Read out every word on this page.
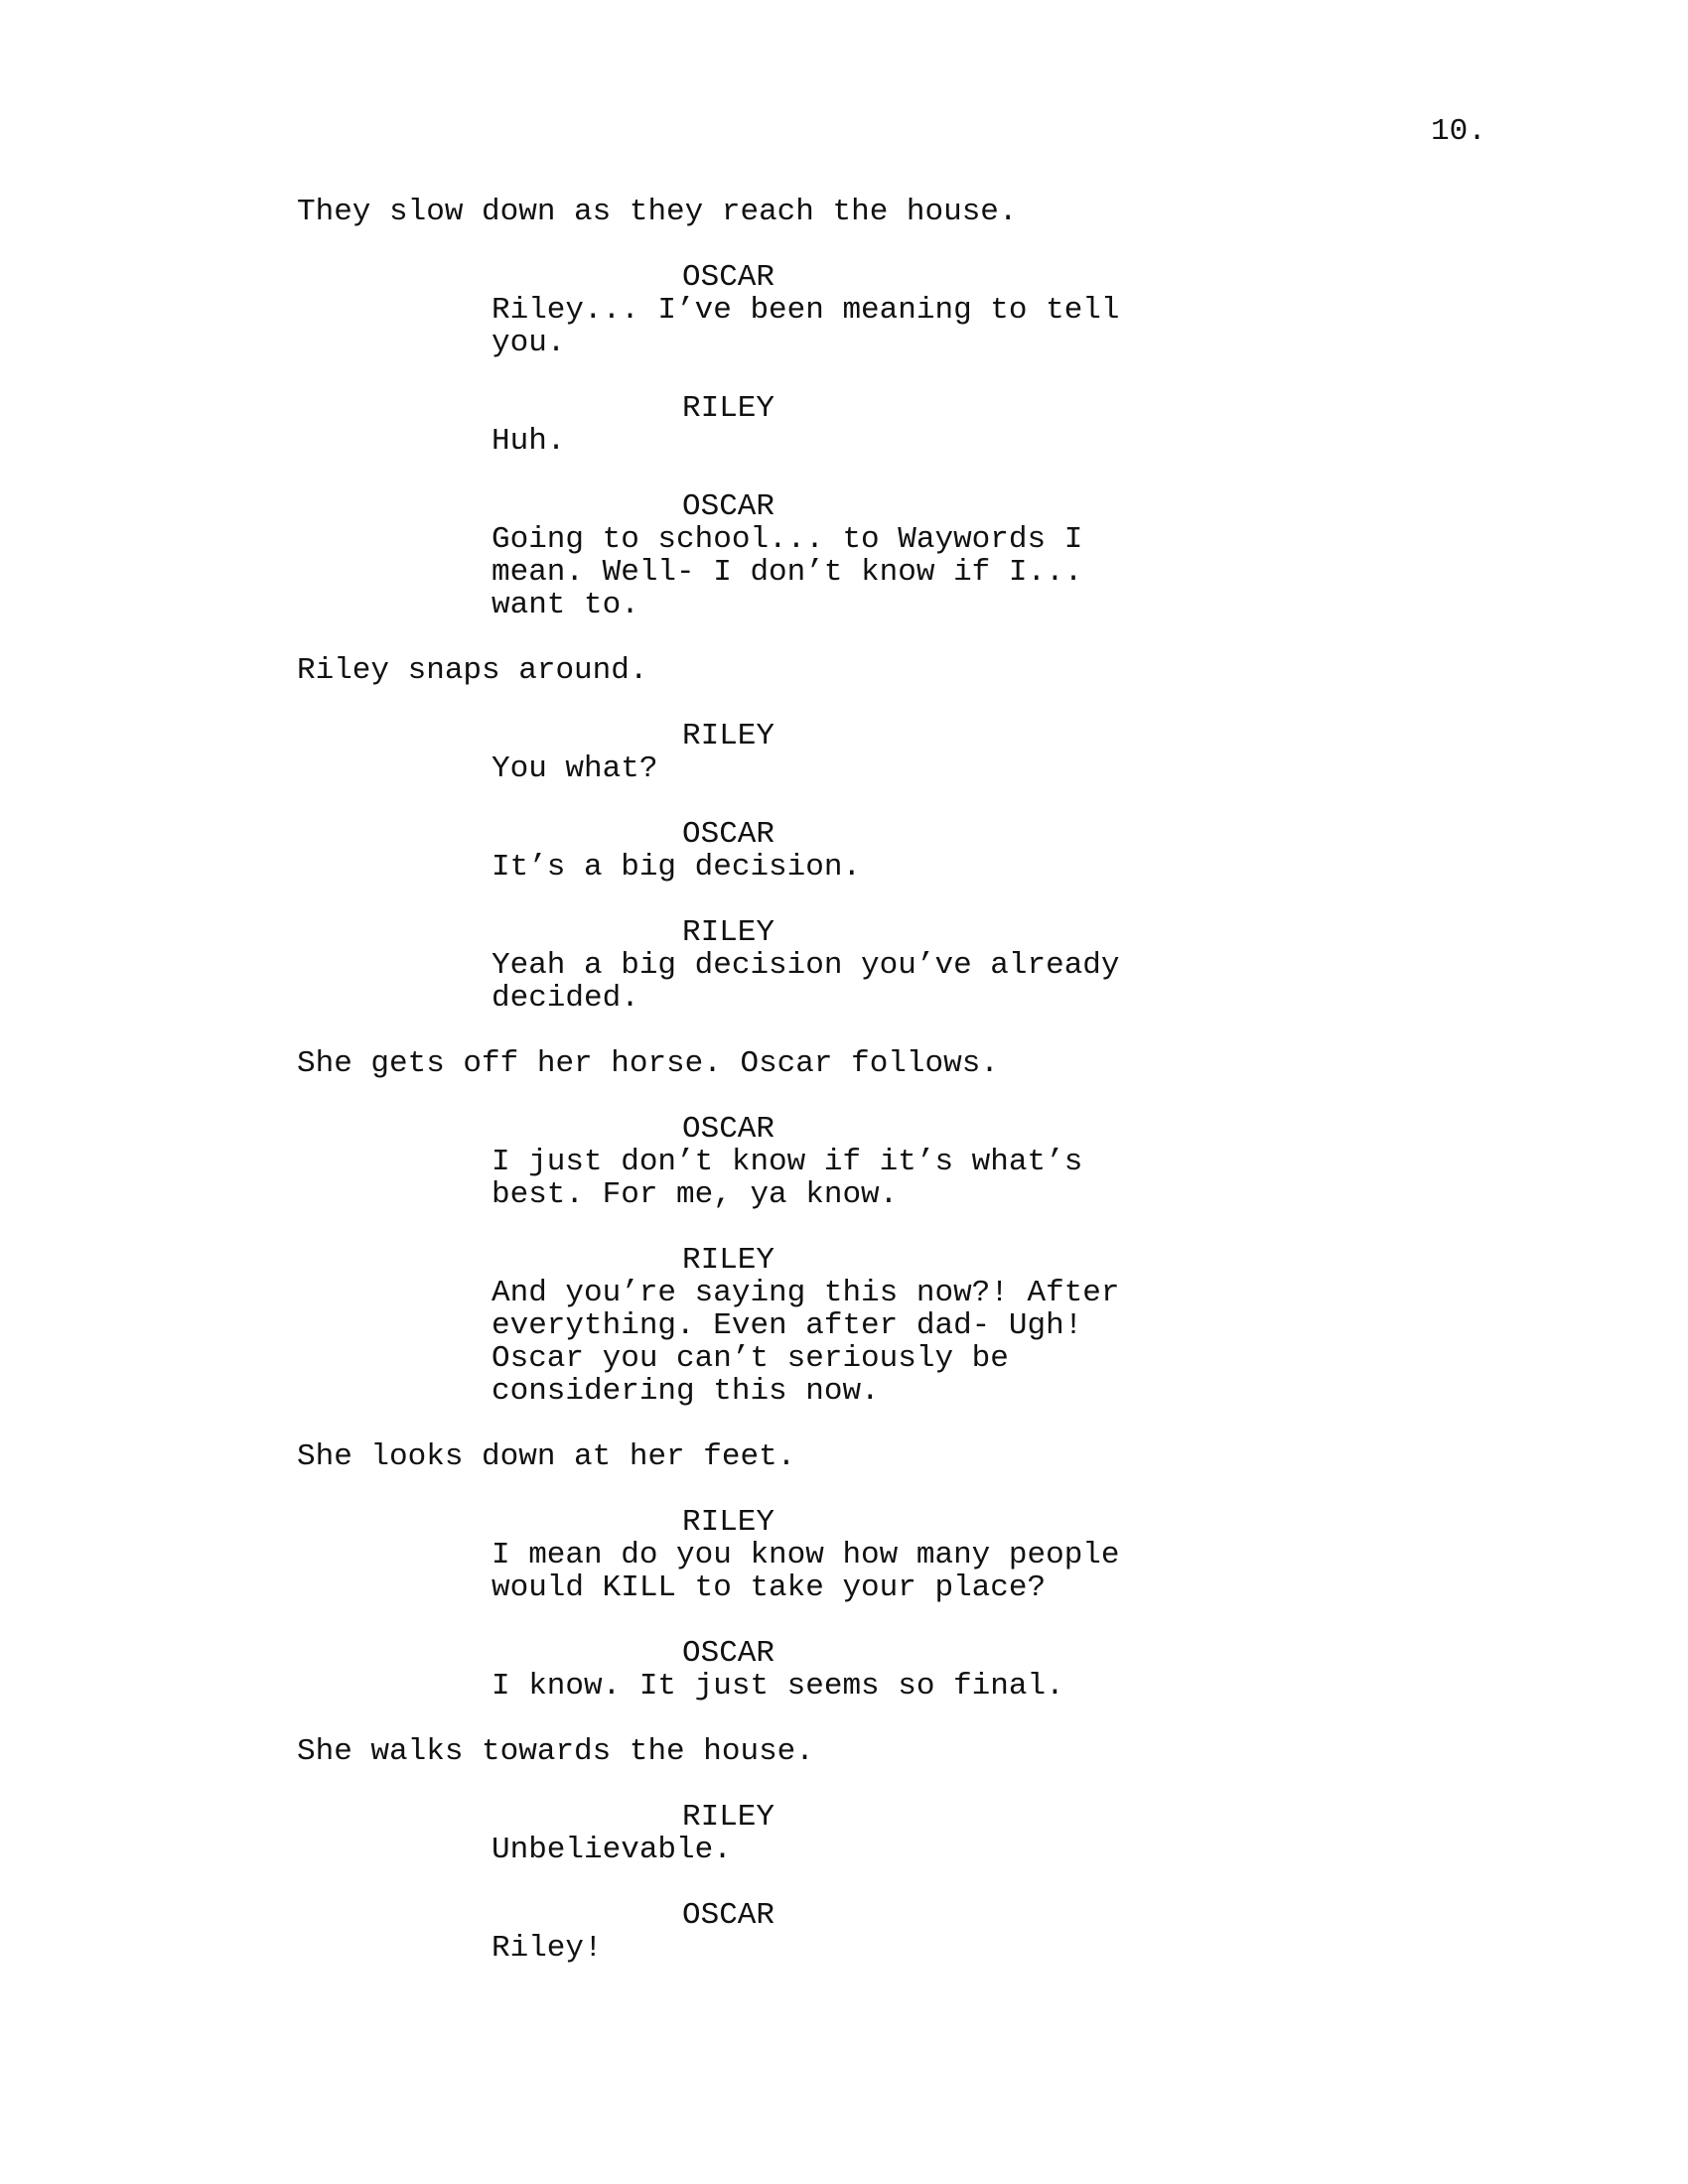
10.
They slow down as they reach the house.
OSCAR
Riley... I’ve been meaning to tell
you.
RILEY
Huh.
OSCAR
Going to school... to Waywords I
mean. Well- I don’t know if I...
want to.
Riley snaps around.
RILEY
You what?
OSCAR
It’s a big decision.
RILEY
Yeah a big decision you’ve already
decided.
She gets off her horse. Oscar follows.
OSCAR
I just don’t know if it’s what’s
best. For me, ya know.
RILEY
And you’re saying this now?! After
everything. Even after dad- Ugh!
Oscar you can’t seriously be
considering this now.
She looks down at her feet.
RILEY
I mean do you know how many people
would KILL to take your place?
OSCAR
I know. It just seems so final.
She walks towards the house.
RILEY
Unbelievable.
OSCAR
Riley!
